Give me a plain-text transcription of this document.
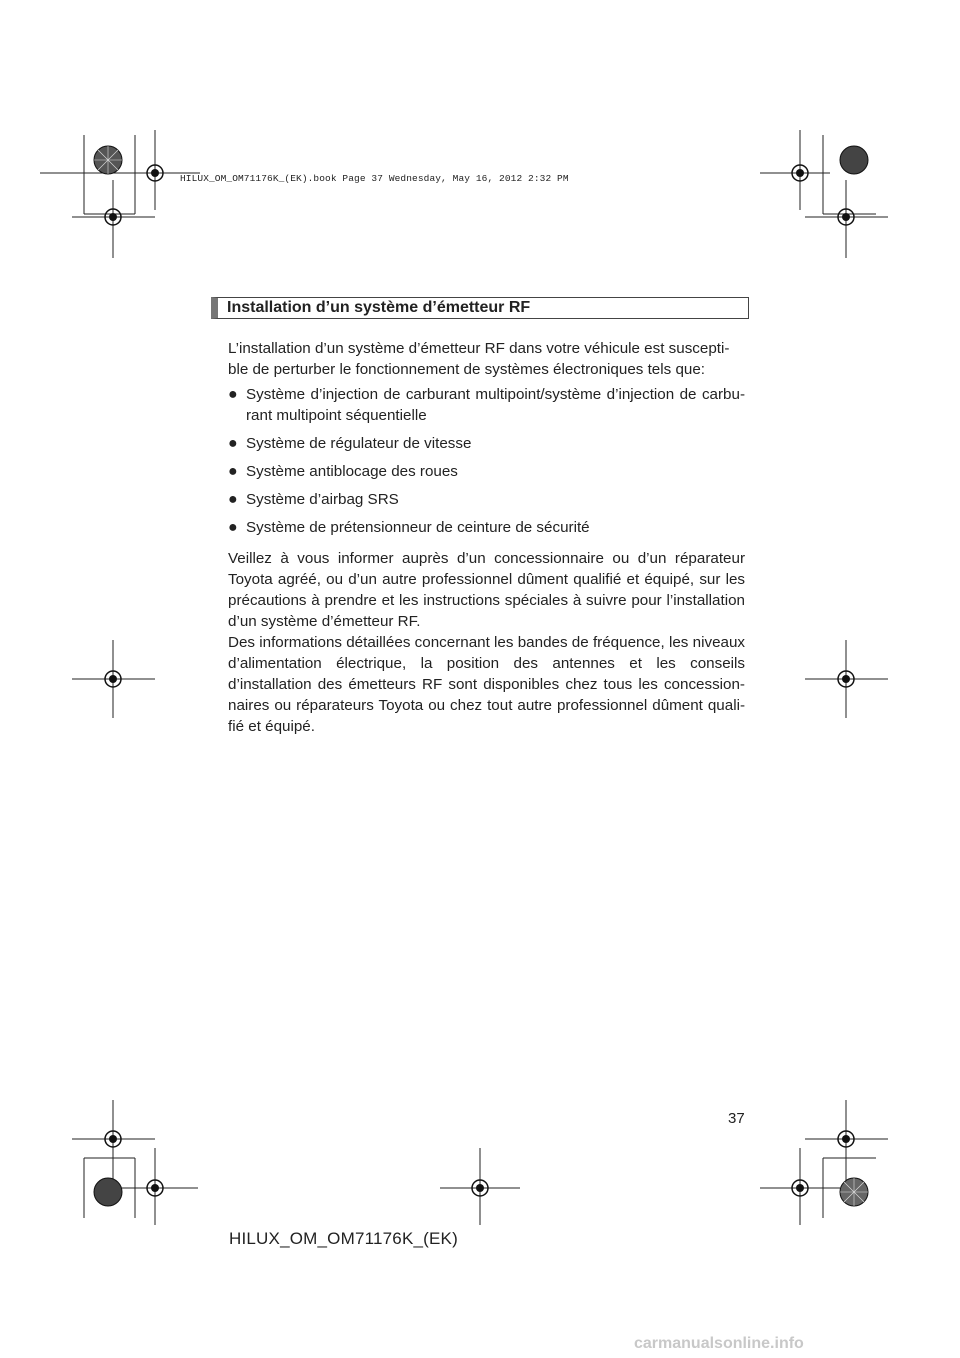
HILUX_OM_OM71176K_(EK).book Page 37 Wednesday, May 16, 2012 2:32 PM
Installation d’un système d’émetteur RF
L’installation d’un système d’émetteur RF dans votre véhicule est suscepti-
ble de perturber le fonctionnement de systèmes électroniques tels que:
● Système d’injection de carburant multipoint/système d’injection de carbu-rant multipoint séquentielle
● Système de régulateur de vitesse
● Système antiblocage des roues
● Système d’airbag SRS
● Système de prétensionneur de ceinture de sécurité
Veillez à vous informer auprès d’un concessionnaire ou d’un réparateur Toyota agréé, ou d’un autre professionnel dûment qualifié et équipé, sur les précautions à prendre et les instructions spéciales à suivre pour l’installation d’un système d’émetteur RF.
Des informations détaillées concernant les bandes de fréquence, les niveaux d’alimentation électrique, la position des antennes et les conseils d’installation des émetteurs RF sont disponibles chez tous les concession-naires ou réparateurs Toyota ou chez tout autre professionnel dûment quali-fié et équipé.
37
HILUX_OM_OM71176K_(EK)
carmanualsonline.info
